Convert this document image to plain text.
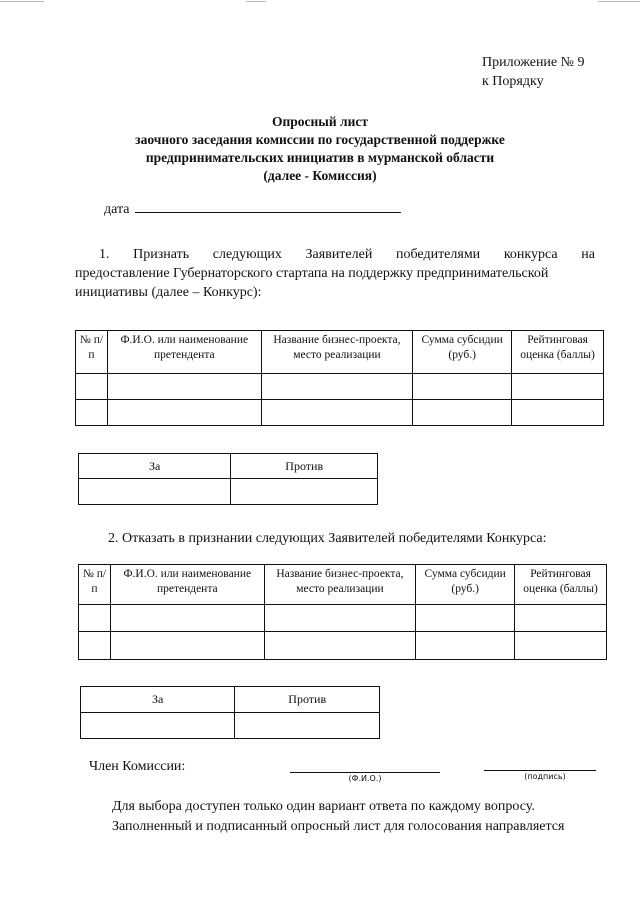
Приложение № 9
к Порядку
Опросный лист
заочного заседания комиссии по государственной поддержке
предпринимательских инициатив в мурманской области
(далее - Комиссия)
дата
1. Признать следующих Заявителей победителями конкурса на
предоставление Губернаторского стартапа на поддержку предпринимательской инициативы (далее – Конкурс):
№ п/п	Ф.И.О. или наименование претендента	Название бизнес-проекта, место реализации	Сумма субсидии (руб.)	Рейтинговая оценка (баллы)

За	Против

2. Отказать в признании следующих Заявителей победителями Конкурса:
№ п/п	Ф.И.О. или наименование претендента	Название бизнес-проекта, место реализации	Сумма субсидии (руб.)	Рейтинговая оценка (баллы)

За	Против

Член Комиссии:
(Ф.И.О.)	(подпись)
Для выбора доступен только один вариант ответа по каждому вопросу.
Заполненный и подписанный опросный лист для голосования направляется
